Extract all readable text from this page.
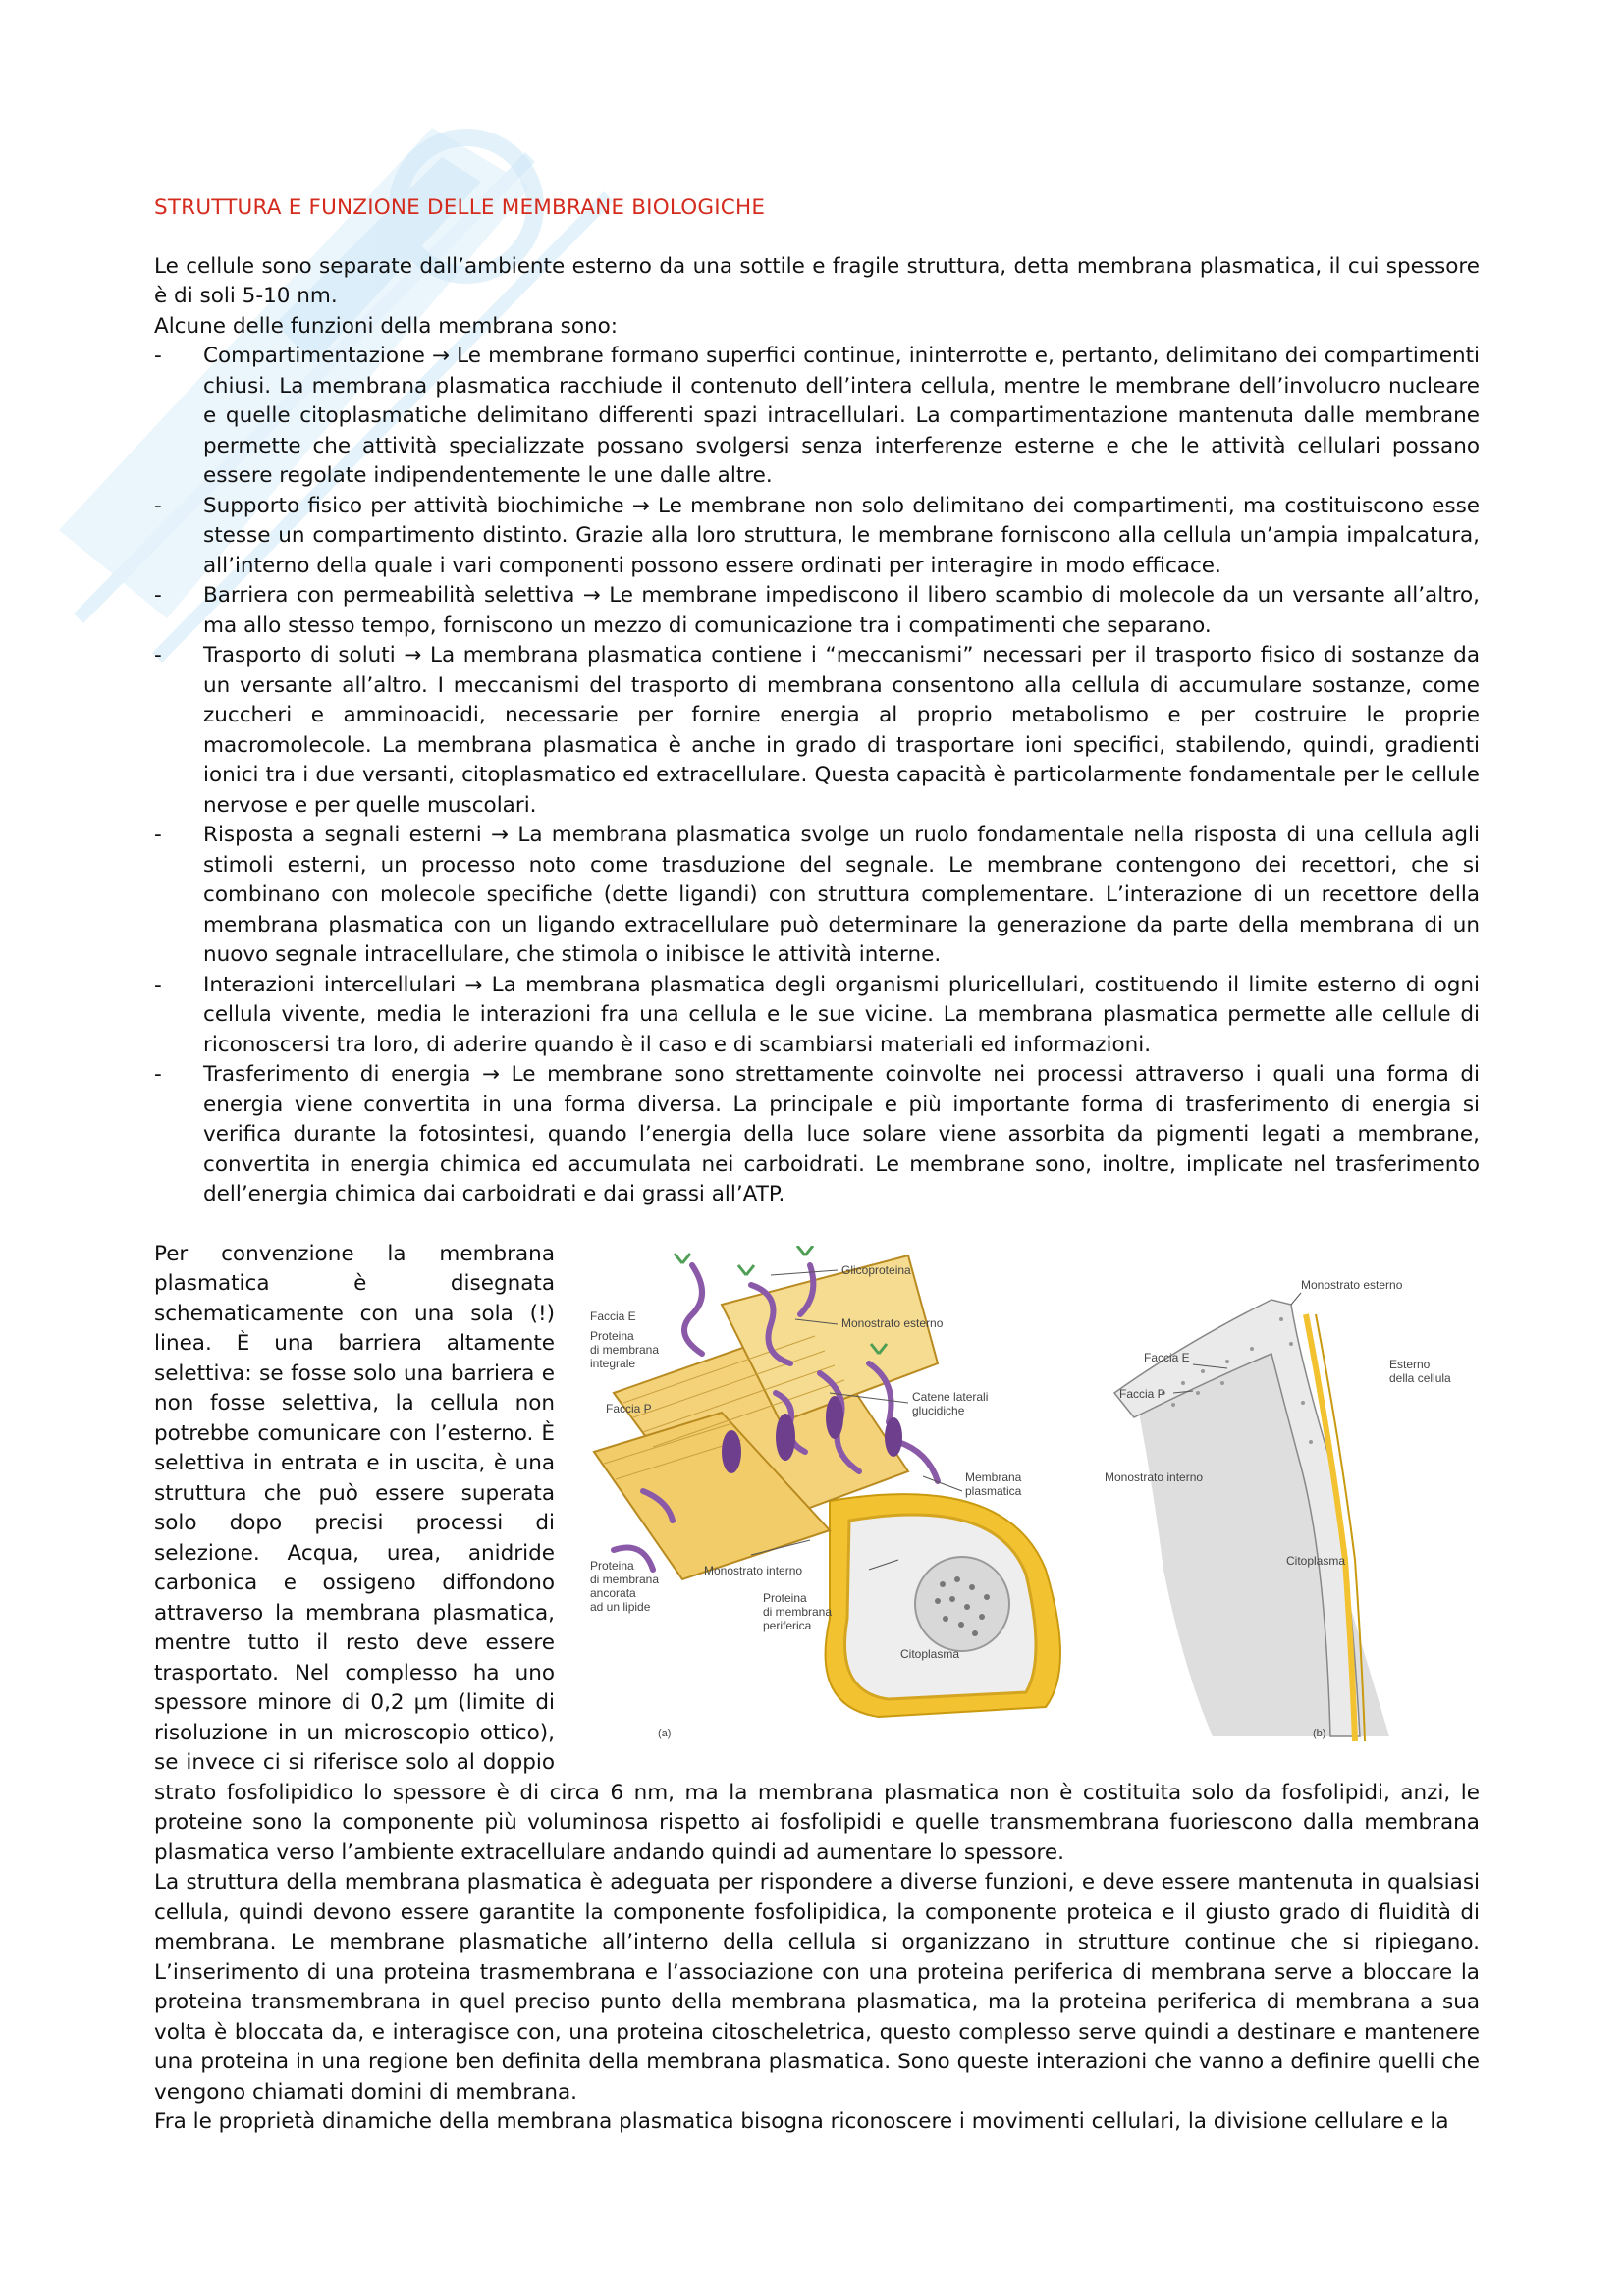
STRUTTURA E FUNZIONE DELLE MEMBRANE BIOLOGICHE

Le cellule sono separate dall’ambiente esterno da una sottile e fragile struttura, detta membrana plasmatica, il cui spessore è di soli 5-10 nm.

Alcune delle funzioni della membrana sono:

- Compartimentazione → Le membrane formano superfici continue, ininterrotte e, pertanto, delimitano dei compartimenti chiusi. La membrana plasmatica racchiude il contenuto dell’intera cellula, mentre le membrane dell’involucro nucleare e quelle citoplasmatiche delimitano differenti spazi intracellulari. La compartimentazione mantenuta dalle membrane permette che attività specializzate possano svolgersi senza interferenze esterne e che le attività cellulari possano essere regolate indipendentemente le une dalle altre.
- Supporto fisico per attività biochimiche → Le membrane non solo delimitano dei compartimenti, ma costituiscono esse stesse un compartimento distinto. Grazie alla loro struttura, le membrane forniscono alla cellula un’ampia impalcatura, all’interno della quale i vari componenti possono essere ordinati per interagire in modo efficace.
- Barriera con permeabilità selettiva → Le membrane impediscono il libero scambio di molecole da un versante all’altro, ma allo stesso tempo, forniscono un mezzo di comunicazione tra i compatimenti che separano.
- Trasporto di soluti → La membrana plasmatica contiene i “meccanismi” necessari per il trasporto fisico di sostanze da un versante all’altro. I meccanismi del trasporto di membrana consentono alla cellula di accumulare sostanze, come zuccheri e amminoacidi, necessarie per fornire energia al proprio metabolismo e per costruire le proprie macromolecole. La membrana plasmatica è anche in grado di trasportare ioni specifici, stabilendo, quindi, gradienti ionici tra i due versanti, citoplasmatico ed extracellulare. Questa capacità è particolarmente fondamentale per le cellule nervose e per quelle muscolari.
- Risposta a segnali esterni → La membrana plasmatica svolge un ruolo fondamentale nella risposta di una cellula agli stimoli esterni, un processo noto come trasduzione del segnale. Le membrane contengono dei recettori, che si combinano con molecole specifiche (dette ligandi) con struttura complementare. L’interazione di un recettore della membrana plasmatica con un ligando extracellulare può determinare la generazione da parte della membrana di un nuovo segnale intracellulare, che stimola o inibisce le attività interne.
- Interazioni intercellulari → La membrana plasmatica degli organismi pluricellulari, costituendo il limite esterno di ogni cellula vivente, media le interazioni fra una cellula e le sue vicine. La membrana plasmatica permette alle cellule di riconoscersi tra loro, di aderire quando è il caso e di scambiarsi materiali ed informazioni.
- Trasferimento di energia → Le membrane sono strettamente coinvolte nei processi attraverso i quali una forma di energia viene convertita in una forma diversa. La principale e più importante forma di trasferimento di energia si verifica durante la fotosintesi, quando l’energia della luce solare viene assorbita da pigmenti legati a membrane, convertita in energia chimica ed accumulata nei carboidrati. Le membrane sono, inoltre, implicate nel trasferimento dell’energia chimica dai carboidrati e dai grassi all’ATP.
Glicoproteina
Faccia E	Monostrato esterno
Proteina di membrana integrale
Catene laterali glucidiche
Faccia P
Membrana plasmatica
Proteina di membrana ancorata ad un lipide
Monostrato interno
Proteina di membrana periferica
Citoplasma
(a)
Monostrato esterno
Faccia E	Esterno della cellula
Faccia P
Monostrato interno
Citoplasma
(b)

Per convenzione la membrana plasmatica è disegnata schematicamente con una sola (!) linea. È una barriera altamente selettiva: se fosse solo una barriera e non fosse selettiva, la cellula non potrebbe comunicare con l’esterno. È selettiva in entrata e in uscita, è una struttura che può essere superata solo dopo precisi processi di selezione. Acqua, urea, anidride carbonica e ossigeno diffondono attraverso la membrana plasmatica, mentre tutto il resto deve essere trasportato. Nel complesso ha uno spessore minore di 0,2 μm (limite di risoluzione in un microscopio ottico), se invece ci si riferisce solo al doppio strato fosfolipidico lo spessore è di circa 6 nm, ma la membrana plasmatica non è costituita solo da fosfolipidi, anzi, le proteine sono la componente più voluminosa rispetto ai fosfolipidi e quelle transmembrana fuoriescono dalla membrana plasmatica verso l’ambiente extracellulare andando quindi ad aumentare lo spessore.

La struttura della membrana plasmatica è adeguata per rispondere a diverse funzioni, e deve essere mantenuta in qualsiasi cellula, quindi devono essere garantite la componente fosfolipidica, la componente proteica e il giusto grado di fluidità di membrana. Le membrane plasmatiche all’interno della cellula si organizzano in strutture continue che si ripiegano. L’inserimento di una proteina trasmembrana e l’associazione con una proteina periferica di membrana serve a bloccare la proteina transmembrana in quel preciso punto della membrana plasmatica, ma la proteina periferica di membrana a sua volta è bloccata da, e interagisce con, una proteina citoscheletrica, questo complesso serve quindi a destinare e mantenere una proteina in una regione ben definita della membrana plasmatica. Sono queste interazioni che vanno a definire quelli che vengono chiamati domini di membrana.

Fra le proprietà dinamiche della membrana plasmatica bisogna riconoscere i movimenti cellulari, la divisione cellulare e la
